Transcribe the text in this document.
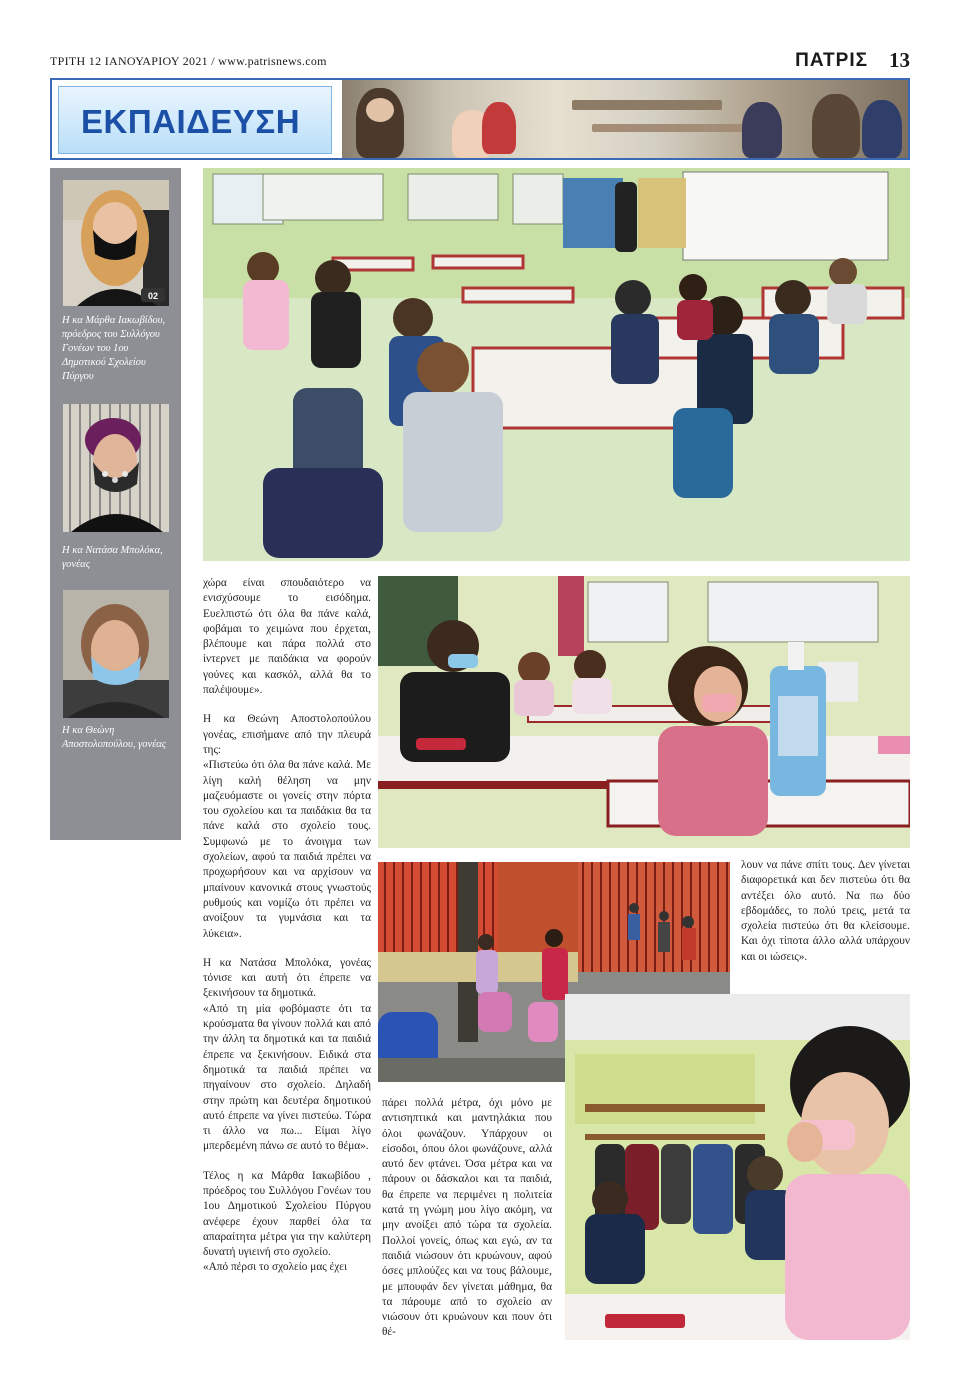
ΤΡΙΤΗ 12 ΙΑΝΟΥΑΡΙΟΥ 2021 / www.patrisnews.com	ΠΑΤΡΙΣ 13
ΕΚΠΑΙΔΕΥΣΗ
02
Η κα Μάρθα Ιακωβίδου, πρόεδρος του Συλλόγου Γονέων του 1ου Δημοτικού Σχολείου Πύργου
Η κα Νατάσα Μπολόκα, γονέας
Η κα Θεώνη Αποστολοπούλου, γονέας

χώρα είναι σπουδαιότερο να ενισχύσουμε το εισόδημα. Ευελπιστώ ότι όλα θα πάνε καλά, φοβάμαι το χειμώνα που έρχεται, βλέπουμε και πάρα πολλά στο ίντερνετ με παιδάκια να φορούν γούνες και κασκόλ, αλλά θα το παλέψουμε».

Η κα Θεώνη Αποστολοπούλου γονέας, επισήμανε από την πλευρά της:

«Πιστεύω ότι όλα θα πάνε καλά. Με λίγη καλή θέληση να μην μαζευόμαστε οι γονείς στην πόρτα του σχολείου και τα παιδάκια θα τα πάνε καλά στο σχολείο τους. Συμφωνώ με το άνοιγμα των σχολείων, αφού τα παιδιά πρέπει να προχωρήσουν και να αρχίσουν να μπαίνουν κανονικά στους γνωστούς ρυθμούς και νομίζω ότι πρέπει να ανοίξουν τα γυμνάσια και τα λύκεια».

Η κα Νατάσα Μπολόκα, γονέας τόνισε και αυτή ότι έπρεπε να ξεκινήσουν τα δημοτικά.

«Από τη μία φοβόμαστε ότι τα κρούσματα θα γίνουν πολλά και από την άλλη τα δημοτικά και τα παιδιά έπρεπε να ξεκινήσουν. Ειδικά στα δημοτικά τα παιδιά πρέπει να πηγαίνουν στο σχολείο. Δηλαδή στην πρώτη και δευτέρα δημοτικού αυτό έπρεπε να γίνει πιστεύω. Τώρα τι άλλο να πω... Είμαι λίγο μπερδεμένη πάνω σε αυτό το θέμα».

Τέλος η κα Μάρθα Ιακωβίδου , πρόεδρος του Συλλόγου Γονέων του 1ου Δημοτικού Σχολείου Πύργου ανέφερε έχουν παρθεί όλα τα απαραίτητα μέτρα για την καλύτερη δυνατή υγιεινή στο σχολείο.

«Από πέρσι το σχολείο μας έχει

πάρει πολλά μέτρα, όχι μόνο με αντισηπτικά και μαντηλάκια που όλοι φωνάζουν. Υπάρχουν οι είσοδοι, όπου όλοι φωνάζουνε, αλλά αυτό δεν φτάνει. Όσα μέτρα και να πάρουν οι δάσκαλοι και τα παιδιά, θα έπρεπε να περιμένει η πολιτεία κατά τη γνώμη μου λίγο ακόμη, να μην ανοίξει από τώρα τα σχολεία. Πολλοί γονείς, όπως και εγώ, αν τα παιδιά νιώσουν ότι κρυώνουν, αφού όσες μπλούζες και να τους βάλουμε, με μπουφάν δεν γίνεται μάθημα, θα τα πάρουμε από το σχολείο αν νιώσουν ότι κρυώνουν και πουν ότι θέ-

λουν να πάνε σπίτι τους. Δεν γίνεται διαφορετικά και δεν πιστεύω ότι θα αντέξει όλο αυτό. Να πω δύο εβδομάδες, το πολύ τρεις, μετά τα σχολεία πιστεύω ότι θα κλείσουμε. Και όχι τίποτα άλλο αλλά υπάρχουν και οι ιώσεις».
